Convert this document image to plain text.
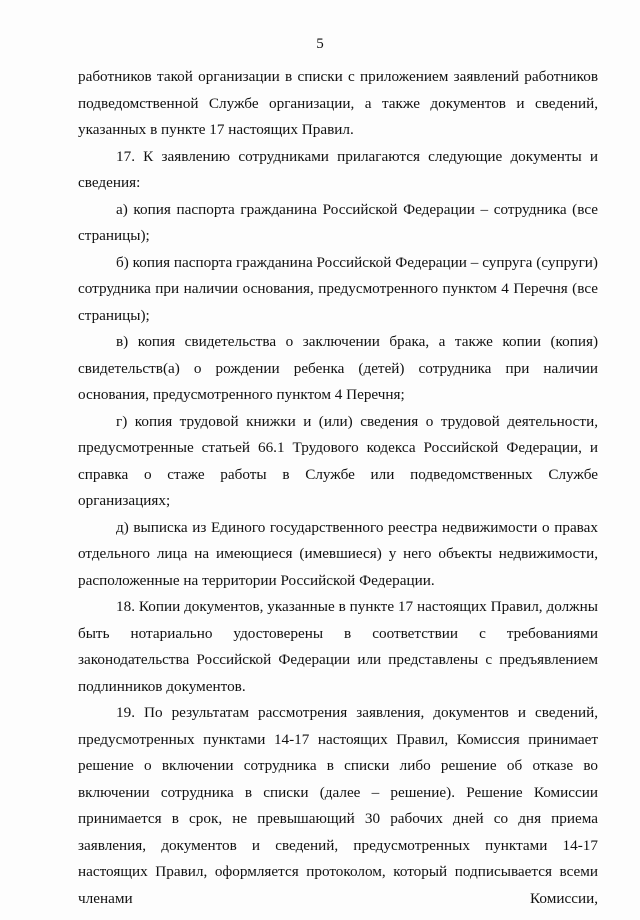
5

работников такой организации в списки с приложением заявлений работников подведомственной Службе организации, а также документов и сведений, указанных в пункте 17 настоящих Правил.

17. К заявлению сотрудниками прилагаются следующие документы и сведения:

а) копия паспорта гражданина Российской Федерации – сотрудника (все страницы);

б) копия паспорта гражданина Российской Федерации – супруга (супруги) сотрудника при наличии основания, предусмотренного пунктом 4 Перечня (все страницы);

в) копия свидетельства о заключении брака, а также копии (копия) свидетельств(а) о рождении ребенка (детей) сотрудника при наличии основания, предусмотренного пунктом 4 Перечня;

г) копия трудовой книжки и (или) сведения о трудовой деятельности, предусмотренные статьей 66.1 Трудового кодекса Российской Федерации, и справка о стаже работы в Службе или подведомственных Службе организациях;

д) выписка из Единого государственного реестра недвижимости о правах отдельного лица на имеющиеся (имевшиеся) у него объекты недвижимости, расположенные на территории Российской Федерации.

18. Копии документов, указанные в пункте 17 настоящих Правил, должны быть нотариально удостоверены в соответствии с требованиями законодательства Российской Федерации или представлены с предъявлением подлинников документов.

19. По результатам рассмотрения заявления, документов и сведений, предусмотренных пунктами 14-17 настоящих Правил, Комиссия принимает решение о включении сотрудника в списки либо решение об отказе во включении сотрудника в списки (далее – решение). Решение Комиссии принимается в срок, не превышающий 30 рабочих дней со дня приема заявления, документов и сведений, предусмотренных пунктами 14-17 настоящих Правил, оформляется протоколом, который подписывается всеми членами Комиссии,
